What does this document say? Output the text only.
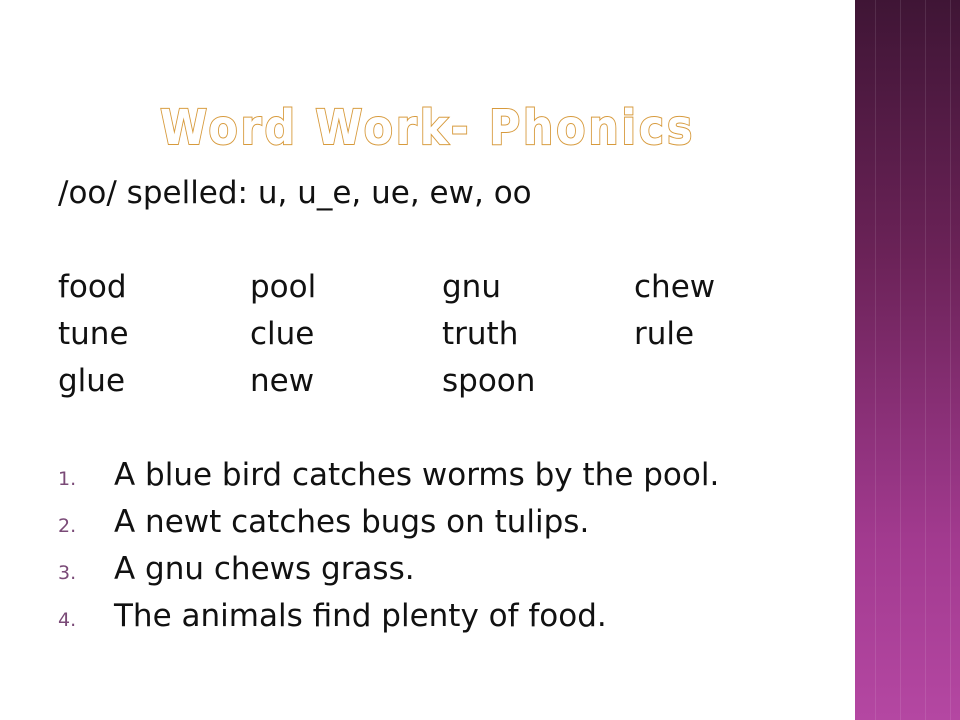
Word Work- Phonics

/oo/ spelled: u, u_e, ue, ew, oo

food	pool	gnu	chew
tune	clue	truth	rule
glue	new	spoon
1.	A blue bird catches worms by the pool.
2.	A newt catches bugs on tulips.
3.	A gnu chews grass.
4.	The animals find plenty of food.
